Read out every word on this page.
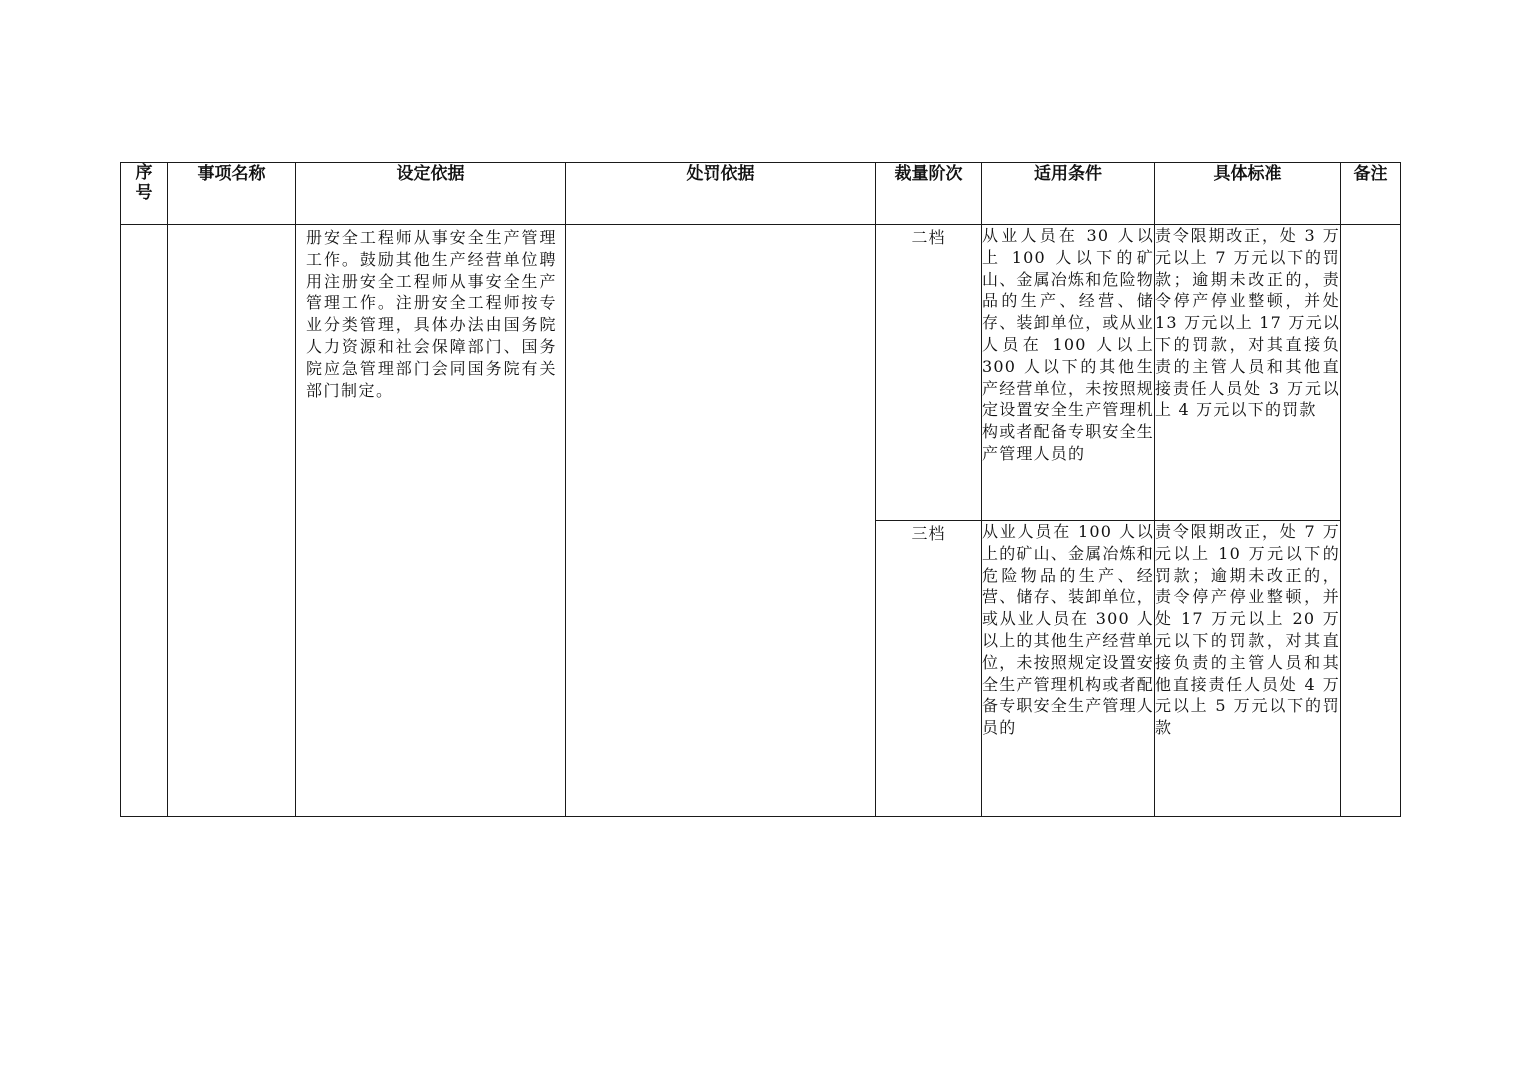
序号	事项名称	设定依据	处罚依据	裁量阶次	适用条件	具体标准	备注

		册安全工程师从事安全生产管理工作。鼓励其他生产经营单位聘用注册安全工程师从事安全生产管理工作。注册安全工程师按专业分类管理，具体办法由国务院人力资源和社会保障部门、国务院应急管理部门会同国务院有关部门制定。		二档	从业人员在 30 人以上 100 人以下的矿山、金属冶炼和危险物品的生产、经营、储存、装卸单位，或从业人员在 100 人以上 300 人以下的其他生产经营单位，未按照规定设置安全生产管理机构或者配备专职安全生产管理人员的	责令限期改正，处 3 万元以上 7 万元以下的罚款；逾期未改正的，责令停产停业整顿，并处 13 万元以上 17 万元以下的罚款，对其直接负责的主管人员和其他直接责任人员处 3 万元以上 4 万元以下的罚款	
				三档	从业人员在 100 人以上的矿山、金属冶炼和危险物品的生产、经营、储存、装卸单位，或从业人员在 300 人以上的其他生产经营单位，未按照规定设置安全生产管理机构或者配备专职安全生产管理人员的	责令限期改正，处 7 万元以上 10 万元以下的罚款；逾期未改正的，责令停产停业整顿，并处 17 万元以上 20 万元以下的罚款，对其直接负责的主管人员和其他直接责任人员处 4 万元以上 5 万元以下的罚款	
